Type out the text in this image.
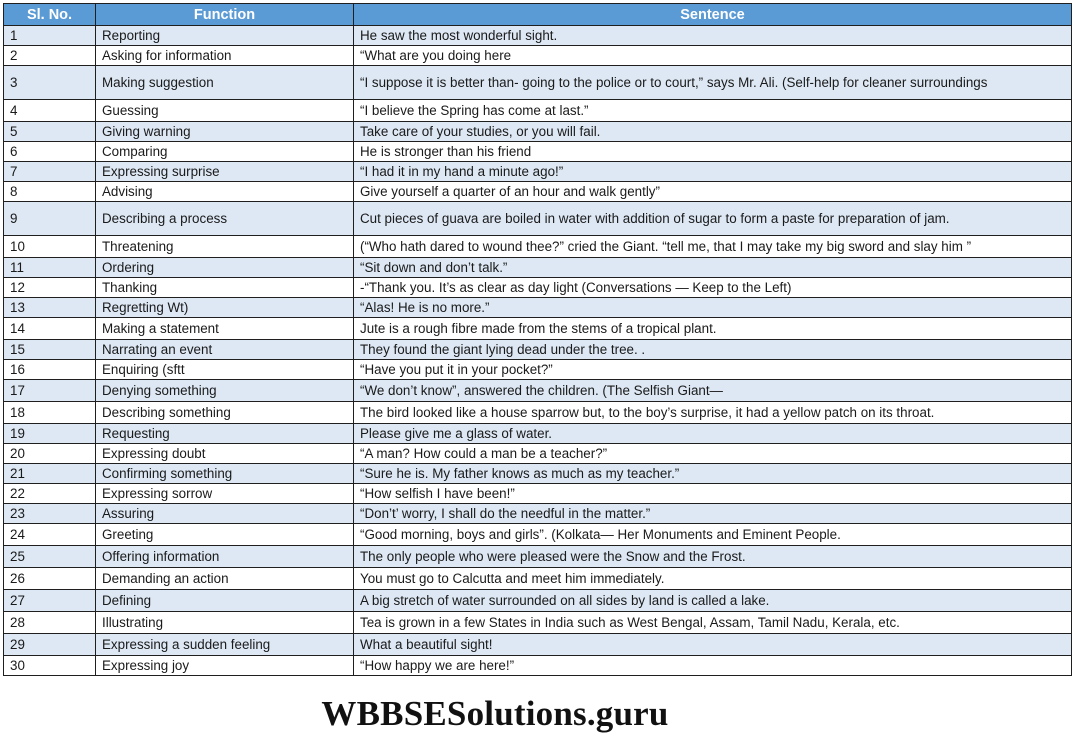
Sl. No.	Function	Sentence
1	Reporting	He saw the most wonderful sight.
2	Asking for information	“What are you doing here
3	Making suggestion	“I suppose it is better than- going to the police or to court,” says Mr. Ali. (Self-help for cleaner surroundings
4	Guessing	“I believe the Spring has come at last.”
5	Giving warning	Take care of your studies, or you will fail.
6	Comparing	He is stronger than his friend
7	Expressing surprise	“I had it in my hand a minute ago!”
8	Advising	Give yourself a quarter of an hour and walk gently”
9	Describing a process	Cut pieces of guava are boiled in water with addition of sugar to form a paste for preparation of jam.
10	Threatening	(“Who hath dared to wound thee?” cried the Giant. “tell me, that I may take my big sword and slay him ”
11	Ordering	“Sit down and don’t talk.”
12	Thanking	-“Thank you. It’s as clear as day light (Conversations — Keep to the Left)
13	Regretting Wt)	“Alas! He is no more.”
14	Making a statement	Jute is a rough fibre made from the stems of a tropical plant.
15	Narrating an event	They found the giant lying dead under the tree. .
16	Enquiring (sftt	“Have you put it in your pocket?”
17	Denying something	“We don’t know”, answered the children. (The Selfish Giant—
18	Describing something	The bird looked like a house sparrow but, to the boy’s surprise, it had a yellow patch on its throat.
19	Requesting	Please give me a glass of water.
20	Expressing doubt	“A man? How could a man be a teacher?”
21	Confirming something	“Sure he is. My father knows as much as my teacher.”
22	Expressing sorrow	“How selfish I have been!”
23	Assuring	“Don’t’ worry, I shall do the needful in the matter.”
24	Greeting	“Good morning, boys and girls”. (Kolkata— Her Monuments and Eminent People.
25	Offering information	The only people who were pleased were the Snow and the Frost.
26	Demanding an action	You must go to Calcutta and meet him immediately.
27	Defining	A big stretch of water surrounded on all sides by land is called a lake.
28	Illustrating	Tea is grown in a few States in India such as West Bengal, Assam, Tamil Nadu, Kerala, etc.
29	Expressing a sudden feeling	What a beautiful sight!
30	Expressing joy	“How happy we are here!”
WBBSESolutions.guru
